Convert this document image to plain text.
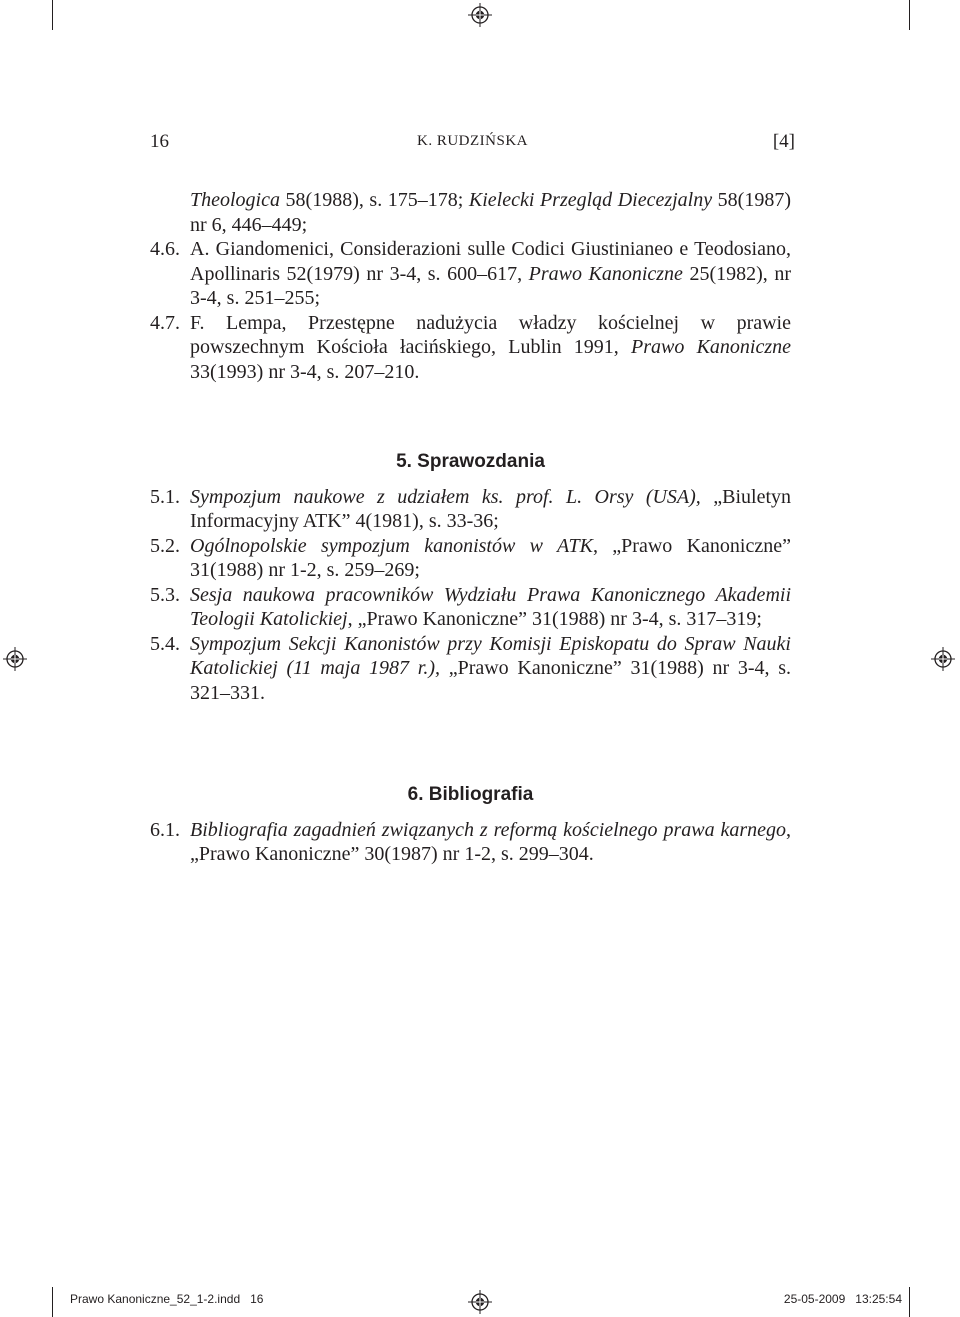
16	K. RUDZIŃSKA	[4]
Theologica 58(1988), s. 175–178; Kielecki Przegląd Diecezjalny 58(1987) nr 6, 446–449;
4.6. A. Giandomenici, Considerazioni sulle Codici Giustinianeo e Teodosiano, Apollinaris 52(1979) nr 3-4, s. 600–617, Prawo Kanoniczne 25(1982), nr 3-4, s. 251–255;
4.7. F. Lempa, Przestępne nadużycia władzy kościelnej w prawie powszechnym Kościoła łacińskiego, Lublin 1991, Prawo Kanoniczne 33(1993) nr 3-4, s. 207–210.
5. Sprawozdania
5.1. Sympozjum naukowe z udziałem ks. prof. L. Orsy (USA), „Biuletyn Informacyjny ATK” 4(1981), s. 33-36;
5.2. Ogólnopolskie sympozjum kanonistów w ATK, „Prawo Kanoniczne” 31(1988) nr 1-2, s. 259–269;
5.3. Sesja naukowa pracowników Wydziału Prawa Kanonicznego Akademii Teologii Katolickiej, „Prawo Kanoniczne” 31(1988) nr 3-4, s. 317–319;
5.4. Sympozjum Sekcji Kanonistów przy Komisji Episkopatu do Spraw Nauki Katolickiej (11 maja 1987 r.), „Prawo Kanoniczne” 31(1988) nr 3-4, s. 321–331.
6. Bibliografia
6.1. Bibliografia zagadnień związanych z reformą kościelnego prawa karnego, „Prawo Kanoniczne” 30(1987) nr 1-2, s. 299–304.
Prawo Kanoniczne_52_1-2.indd   16	25-05-2009   13:25:54
